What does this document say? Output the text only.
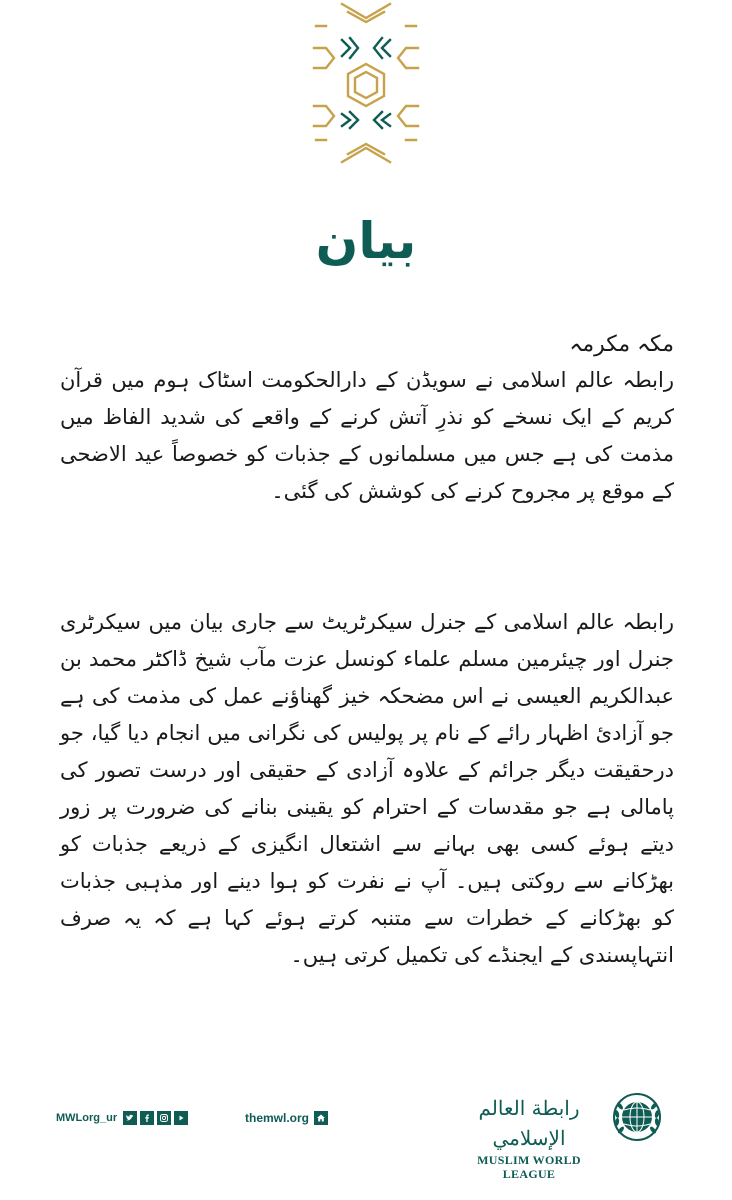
بیان
مکہ مکرمہ

رابطہ عالم اسلامی نے سویڈن کے دارالحکومت اسٹاک ہوم میں قرآن کریم کے ایک نسخے کو نذرِ آتش کرنے کے واقعے کی شدید الفاظ میں مذمت کی ہے جس میں مسلمانوں کے جذبات کو خصوصاً عید الاضحی کے موقع پر مجروح کرنے کی کوشش کی گئی۔

رابطہ عالم اسلامی کے جنرل سیکرٹریٹ سے جاری بیان میں سیکرٹری جنرل اور چیئرمین مسلم علماء کونسل عزت مآب شیخ ڈاکٹر محمد بن عبدالکریم العیسی نے اس مضحکہ خیز گھناؤنے عمل کی مذمت کی ہے جو آزادئ اظہار رائے کے نام پر پولیس کی نگرانی میں انجام دیا گیا، جو درحقیقت دیگر جرائم کے علاوہ آزادی کے حقیقی اور درست تصور کی پامالی ہے جو مقدسات کے احترام کو یقینی بنانے کی ضرورت پر زور دیتے ہوئے کسی بھی بہانے سے اشتعال انگیزی کے ذریعے جذبات کو بھڑکانے سے روکتی ہیں۔ آپ نے نفرت کو ہوا دینے اور مذہبی جذبات کو بھڑکانے کے خطرات سے متنبہ کرتے ہوئے کہا ہے کہ یہ صرف انتہاپسندی کے ایجنڈے کی تکمیل کرتی ہیں۔

MWLorg_ur	themwl.org	رابطة العالم الإسلامي
MUSLIM WORLD LEAGUE
